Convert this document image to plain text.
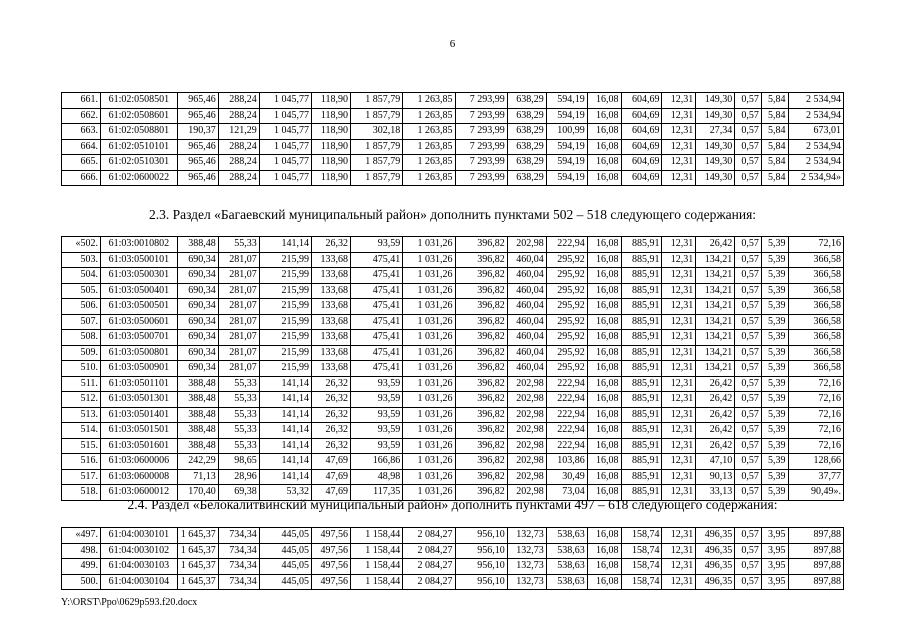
6
661.	61:02:0508501	965,46	288,24	1 045,77	118,90	1 857,79	1 263,85	7 293,99	638,29	594,19	16,08	604,69	12,31	149,30	0,57	5,84	2 534,94
662.	61:02:0508601	965,46	288,24	1 045,77	118,90	1 857,79	1 263,85	7 293,99	638,29	594,19	16,08	604,69	12,31	149,30	0,57	5,84	2 534,94
663.	61:02:0508801	190,37	121,29	1 045,77	118,90	302,18	1 263,85	7 293,99	638,29	100,99	16,08	604,69	12,31	27,34	0,57	5,84	673,01
664.	61:02:0510101	965,46	288,24	1 045,77	118,90	1 857,79	1 263,85	7 293,99	638,29	594,19	16,08	604,69	12,31	149,30	0,57	5,84	2 534,94
665.	61:02:0510301	965,46	288,24	1 045,77	118,90	1 857,79	1 263,85	7 293,99	638,29	594,19	16,08	604,69	12,31	149,30	0,57	5,84	2 534,94
666.	61:02:0600022	965,46	288,24	1 045,77	118,90	1 857,79	1 263,85	7 293,99	638,29	594,19	16,08	604,69	12,31	149,30	0,57	5,84	2 534,94»
2.3. Раздел «Багаевский муниципальный район» дополнить пунктами 502 – 518 следующего содержания:
«502.	61:03:0010802	388,48	55,33	141,14	26,32	93,59	1 031,26	396,82	202,98	222,94	16,08	885,91	12,31	26,42	0,57	5,39	72,16
503.	61:03:0500101	690,34	281,07	215,99	133,68	475,41	1 031,26	396,82	460,04	295,92	16,08	885,91	12,31	134,21	0,57	5,39	366,58
504.	61:03:0500301	690,34	281,07	215,99	133,68	475,41	1 031,26	396,82	460,04	295,92	16,08	885,91	12,31	134,21	0,57	5,39	366,58
505.	61:03:0500401	690,34	281,07	215,99	133,68	475,41	1 031,26	396,82	460,04	295,92	16,08	885,91	12,31	134,21	0,57	5,39	366,58
506.	61:03:0500501	690,34	281,07	215,99	133,68	475,41	1 031,26	396,82	460,04	295,92	16,08	885,91	12,31	134,21	0,57	5,39	366,58
507.	61:03:0500601	690,34	281,07	215,99	133,68	475,41	1 031,26	396,82	460,04	295,92	16,08	885,91	12,31	134,21	0,57	5,39	366,58
508.	61:03:0500701	690,34	281,07	215,99	133,68	475,41	1 031,26	396,82	460,04	295,92	16,08	885,91	12,31	134,21	0,57	5,39	366,58
509.	61:03:0500801	690,34	281,07	215,99	133,68	475,41	1 031,26	396,82	460,04	295,92	16,08	885,91	12,31	134,21	0,57	5,39	366,58
510.	61:03:0500901	690,34	281,07	215,99	133,68	475,41	1 031,26	396,82	460,04	295,92	16,08	885,91	12,31	134,21	0,57	5,39	366,58
511.	61:03:0501101	388,48	55,33	141,14	26,32	93,59	1 031,26	396,82	202,98	222,94	16,08	885,91	12,31	26,42	0,57	5,39	72,16
512.	61:03:0501301	388,48	55,33	141,14	26,32	93,59	1 031,26	396,82	202,98	222,94	16,08	885,91	12,31	26,42	0,57	5,39	72,16
513.	61:03:0501401	388,48	55,33	141,14	26,32	93,59	1 031,26	396,82	202,98	222,94	16,08	885,91	12,31	26,42	0,57	5,39	72,16
514.	61:03:0501501	388,48	55,33	141,14	26,32	93,59	1 031,26	396,82	202,98	222,94	16,08	885,91	12,31	26,42	0,57	5,39	72,16
515.	61:03:0501601	388,48	55,33	141,14	26,32	93,59	1 031,26	396,82	202,98	222,94	16,08	885,91	12,31	26,42	0,57	5,39	72,16
516.	61:03:0600006	242,29	98,65	141,14	47,69	166,86	1 031,26	396,82	202,98	103,86	16,08	885,91	12,31	47,10	0,57	5,39	128,66
517.	61:03:0600008	71,13	28,96	141,14	47,69	48,98	1 031,26	396,82	202,98	30,49	16,08	885,91	12,31	90,13	0,57	5,39	37,77
518.	61:03:0600012	170,40	69,38	53,32	47,69	117,35	1 031,26	396,82	202,98	73,04	16,08	885,91	12,31	33,13	0,57	5,39	90,49».
2.4. Раздел «Белокалитвинский муниципальный район» дополнить пунктами 497 – 618 следующего содержания:
«497.	61:04:0030101	1 645,37	734,34	445,05	497,56	1 158,44	2 084,27	956,10	132,73	538,63	16,08	158,74	12,31	496,35	0,57	3,95	897,88
498.	61:04:0030102	1 645,37	734,34	445,05	497,56	1 158,44	2 084,27	956,10	132,73	538,63	16,08	158,74	12,31	496,35	0,57	3,95	897,88
499.	61:04:0030103	1 645,37	734,34	445,05	497,56	1 158,44	2 084,27	956,10	132,73	538,63	16,08	158,74	12,31	496,35	0,57	3,95	897,88
500.	61:04:0030104	1 645,37	734,34	445,05	497,56	1 158,44	2 084,27	956,10	132,73	538,63	16,08	158,74	12,31	496,35	0,57	3,95	897,88
Y:\ORST\Ppo\0629p593.f20.docx
